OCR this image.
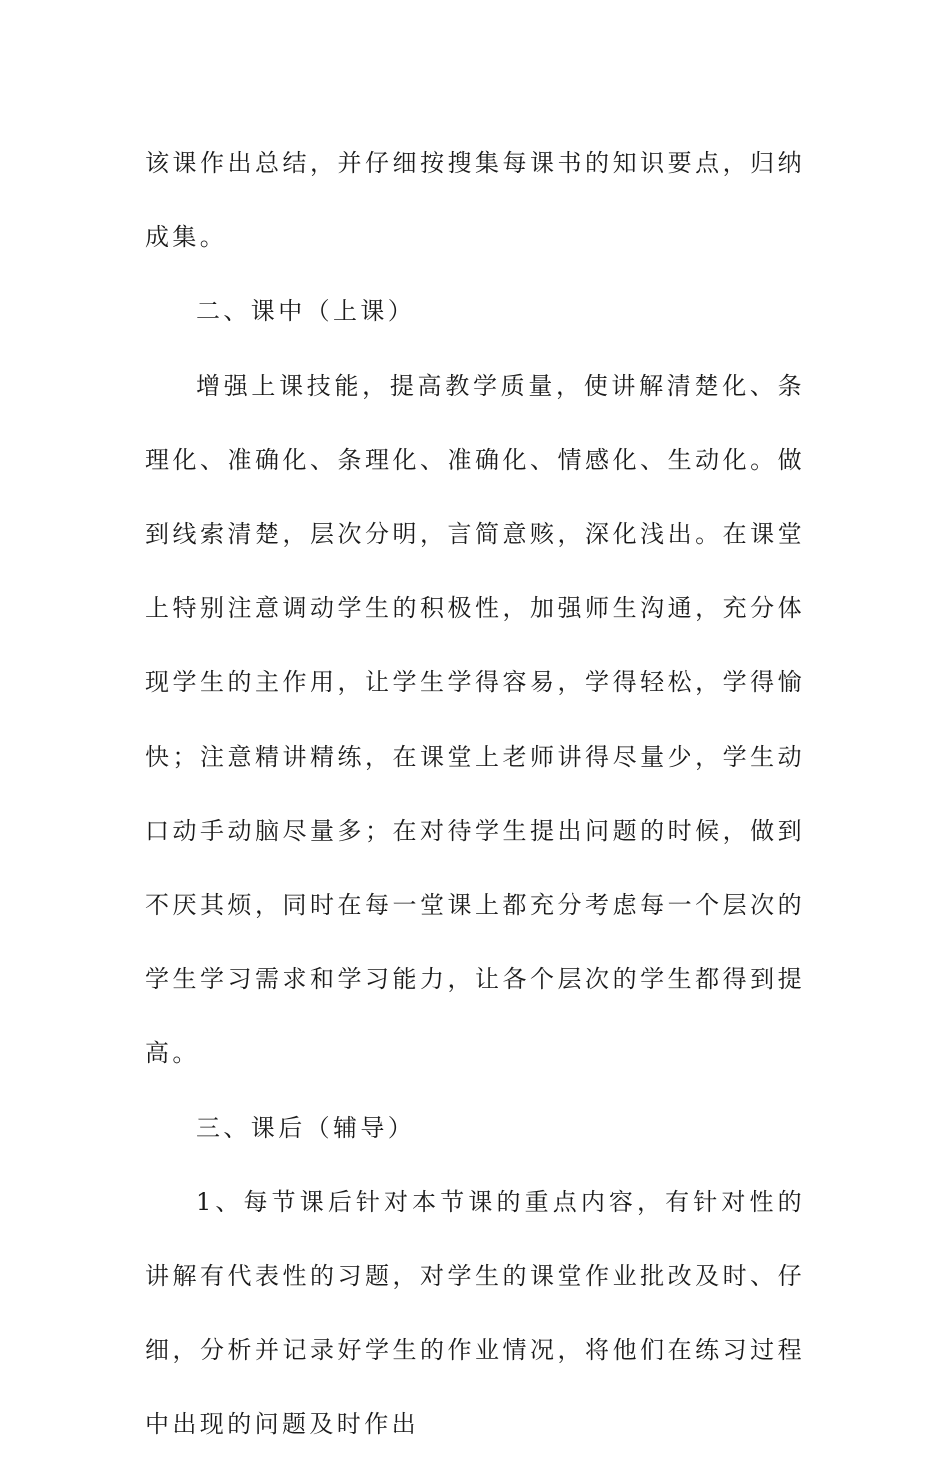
该课作出总结，并仔细按搜集每课书的知识要点，归纳成集。

二、课中（上课）

增强上课技能，提高教学质量，使讲解清楚化、条理化、准确化、条理化、准确化、情感化、生动化。做到线索清楚，层次分明，言简意赅，深化浅出。在课堂上特别注意调动学生的积极性，加强师生沟通，充分体现学生的主作用，让学生学得容易，学得轻松，学得愉快；注意精讲精练，在课堂上老师讲得尽量少，学生动口动手动脑尽量多；在对待学生提出问题的时候，做到不厌其烦，同时在每一堂课上都充分考虑每一个层次的学生学习需求和学习能力，让各个层次的学生都得到提高。

三、课后（辅导）

1、每节课后针对本节课的重点内容，有针对性的讲解有代表性的习题，对学生的课堂作业批改及时、仔细，分析并记录好学生的作业情况，将他们在练习过程中出现的问题及时作出
